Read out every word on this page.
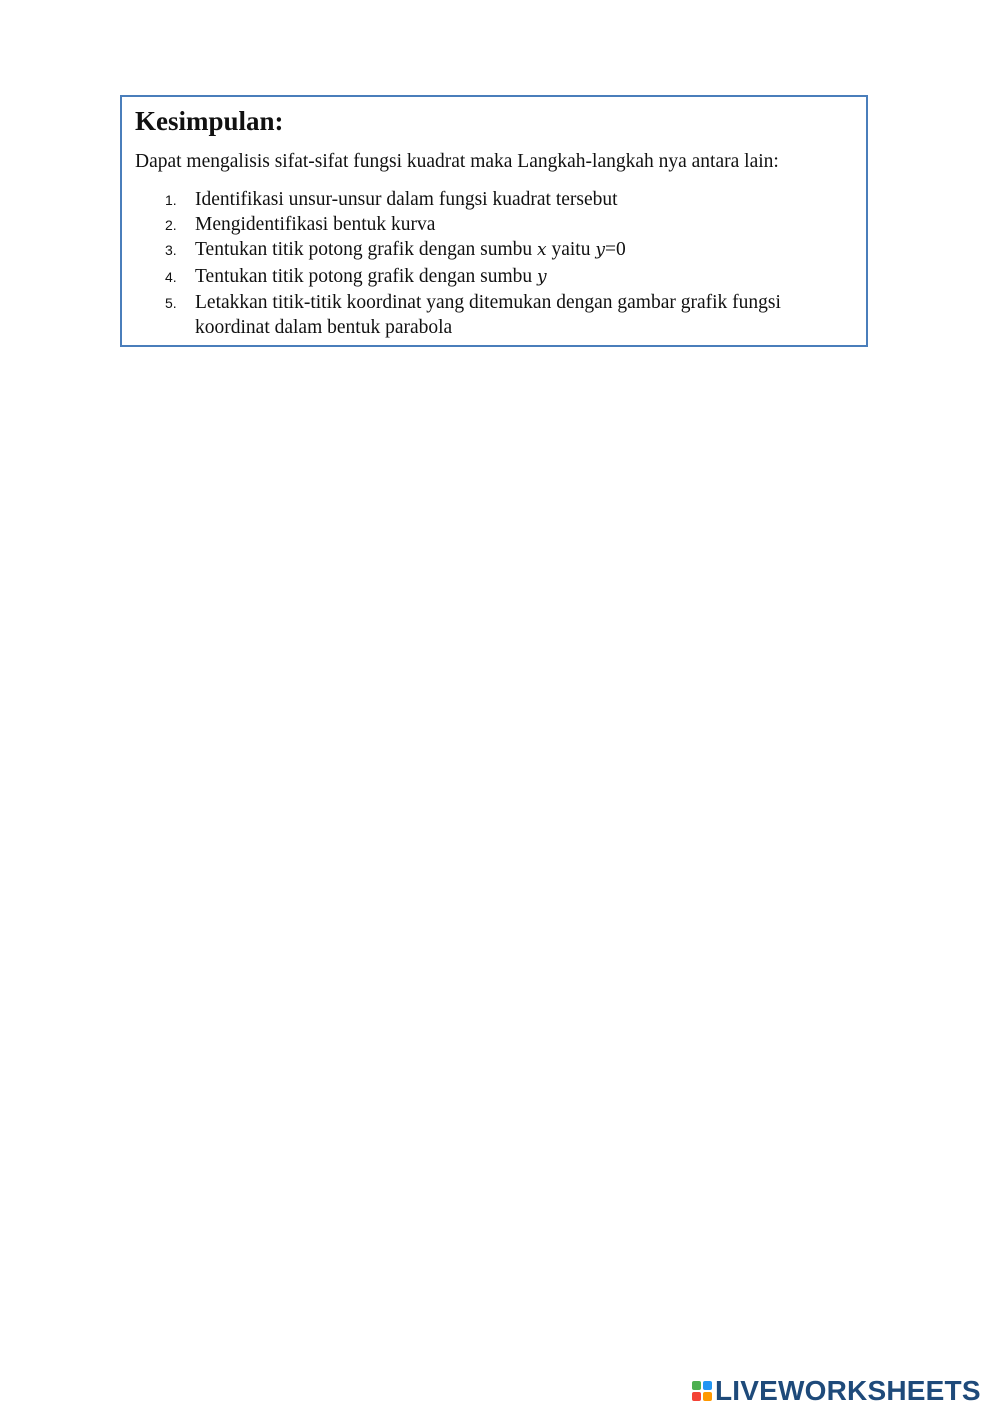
Kesimpulan:

Dapat mengalisis sifat-sifat fungsi kuadrat maka Langkah-langkah nya antara lain:

1. Identifikasi unsur-unsur dalam fungsi kuadrat tersebut
2. Mengidentifikasi bentuk kurva
3. Tentukan titik potong grafik dengan sumbu x yaitu y=0
4. Tentukan titik potong grafik dengan sumbu y
5. Letakkan titik-titik koordinat yang ditemukan dengan gambar grafik fungsi koordinat dalam bentuk parabola
LIVEWORKSHEETS
